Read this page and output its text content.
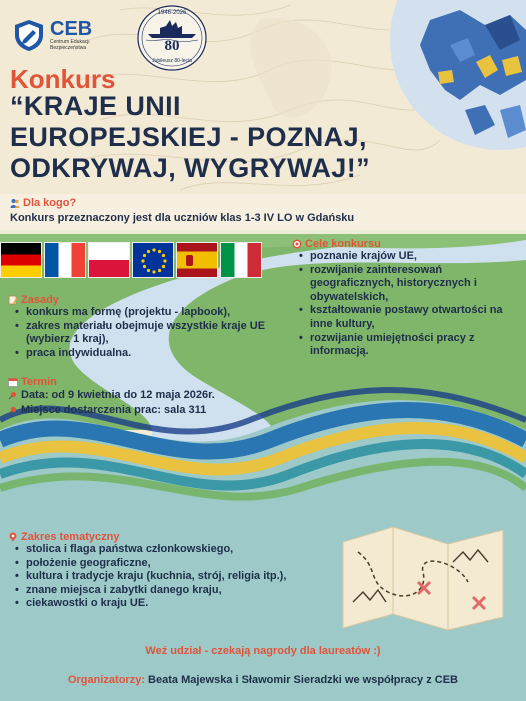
CEB
Centrum Edukacji
Bezpieczeństwa
1946-2026
80
Jubileusz 80-lecia
Konkurs
“KRAJE UNII EUROPEJSKIEJ - POZNAJ, ODKRYWAJ, WYGRYWAJ!”
Dla kogo?
Konkurs przeznaczony jest dla uczniów klas 1-3 IV LO w Gdańsku
Cele konkursu
• poznanie krajów UE,
• rozwijanie zainteresowań geograficznych, historycznych i obywatelskich,
• kształtowanie postawy otwartości na inne kultury,
• rozwijanie umiejętności pracy z informacją.
Zasady
• konkurs ma formę (projektu - lapbook),
• zakres materiału obejmuje wszystkie kraje UE (wybierz 1 kraj),
• praca indywidualna.
Termin
Data: od 9 kwietnia do 12 maja 2026r.
Miejsce dostarczenia prac: sala 311
Zakres tematyczny
• stolica i flaga państwa członkowskiego,
• położenie geograficzne,
• kultura i tradycje kraju (kuchnia, strój, religia itp.),
• znane miejsca i zabytki danego kraju,
• ciekawostki o kraju UE.
Weź udział - czekają nagrody dla laureatów :)
Organizatorzy: Beata Majewska i Sławomir Sieradzki we współpracy z CEB
